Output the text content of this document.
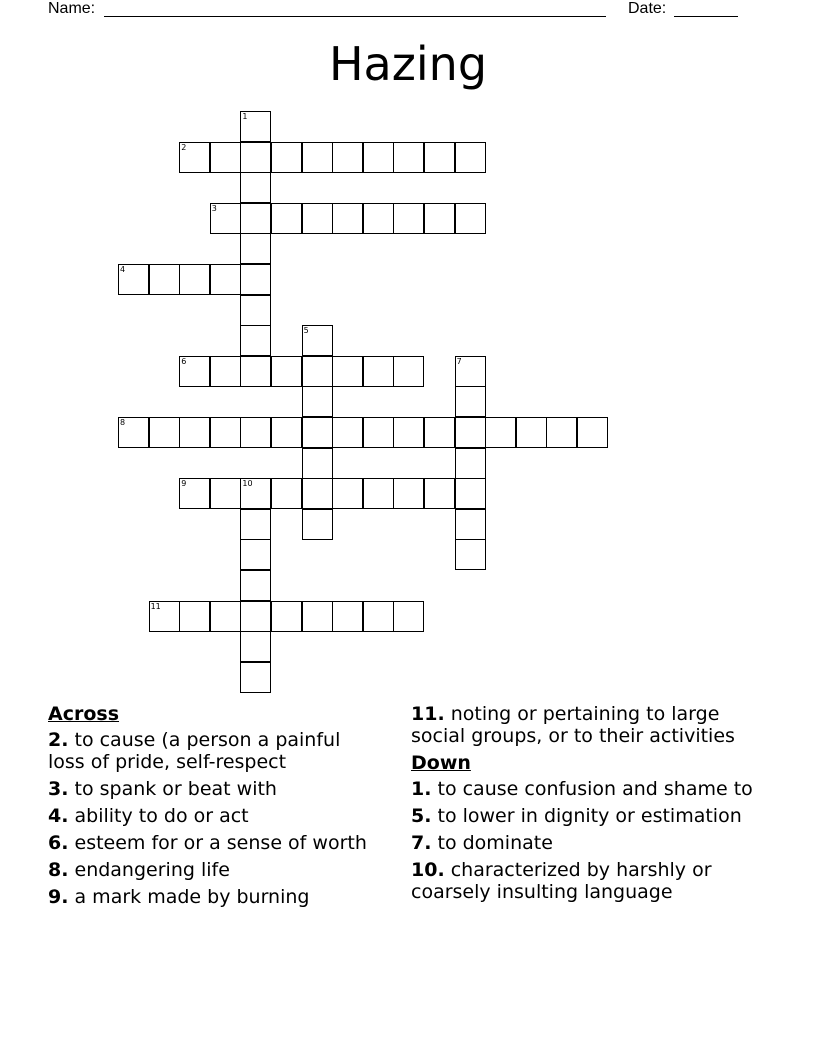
Name:	Date:
Hazing
1
2
3
4
5
6	7
8
9	10
11
Across
2. to cause (a person a painful loss of pride, self-respect
3. to spank or beat with
4. ability to do or act
6. esteem for or a sense of worth
8. endangering life
9. a mark made by burning
11. noting or pertaining to large social groups, or to their activities
Down
1. to cause confusion and shame to
5. to lower in dignity or estimation
7. to dominate
10. characterized by harshly or coarsely insulting language
